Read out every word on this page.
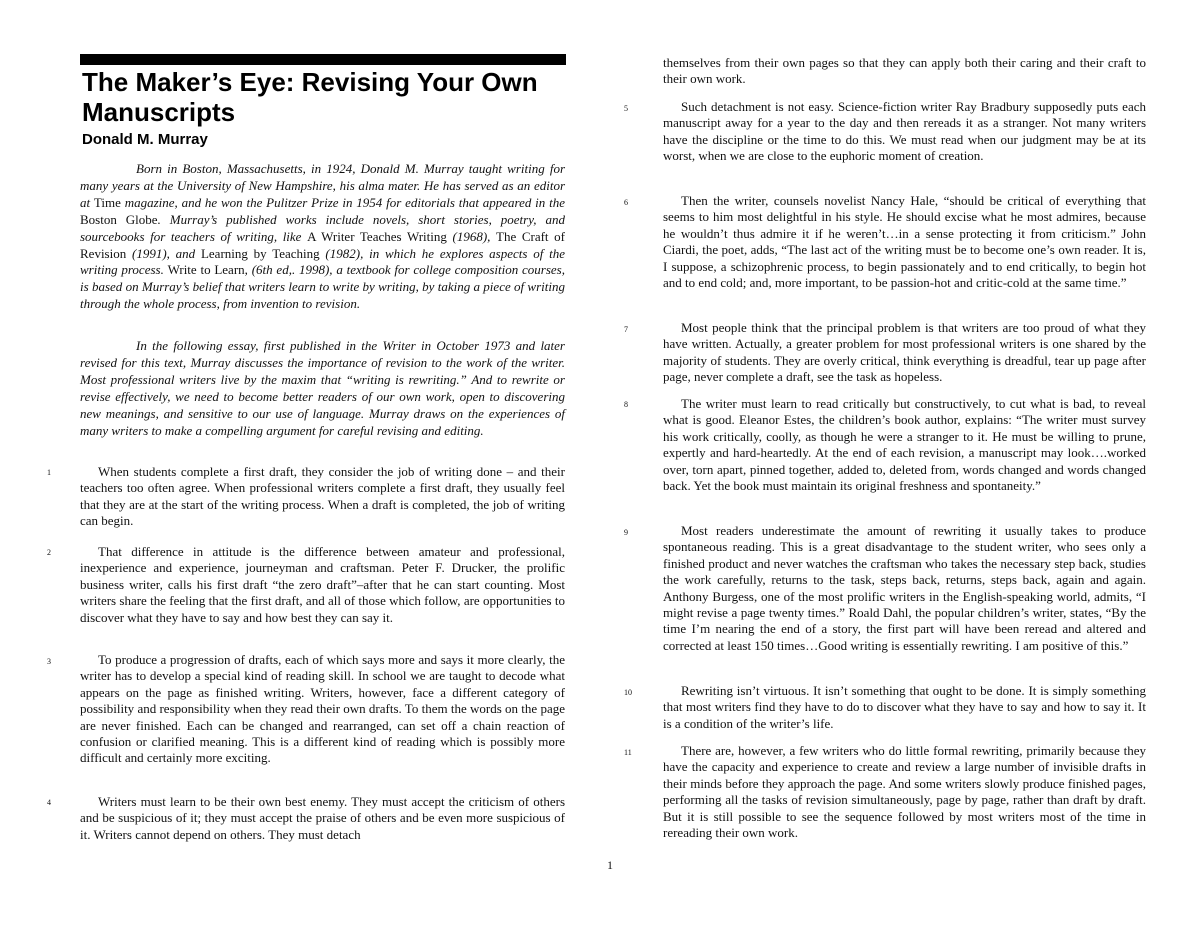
The Maker’s Eye: Revising Your Own Manuscripts
Donald M. Murray

Born in Boston, Massachusetts, in 1924, Donald M. Murray taught writing for many years at the University of New Hampshire, his alma mater. He has served as an editor at Time magazine, and he won the Pulitzer Prize in 1954 for editorials that appeared in the Boston Globe. Murray’s published works include novels, short stories, poetry, and sourcebooks for teachers of writing, like A Writer Teaches Writing (1968), The Craft of Revision (1991), and Learning by Teaching (1982), in which he explores aspects of the writing process. Write to Learn, (6th ed,. 1998), a textbook for college composition courses, is based on Murray’s belief that writers learn to write by writing, by taking a piece of writing through the whole process, from invention to revision.

In the following essay, first published in the Writer in October 1973 and later revised for this text, Murray discusses the importance of revision to the work of the writer. Most professional writers live by the maxim that “writing is rewriting.” And to rewrite or revise effectively, we need to become better readers of our own work, open to discovering new meanings, and sensitive to our use of language. Murray draws on the experiences of many writers to make a compelling argument for careful revising and editing.

1	When students complete a first draft, they consider the job of writing done – and their teachers too often agree. When professional writers complete a first draft, they usually feel that they are at the start of the writing process. When a draft is completed, the job of writing can begin.

2	That difference in attitude is the difference between amateur and professional, inexperience and experience, journeyman and craftsman. Peter F. Drucker, the prolific business writer, calls his first draft “the zero draft”–after that he can start counting. Most writers share the feeling that the first draft, and all of those which follow, are opportunities to discover what they have to say and how best they can say it.

3	To produce a progression of drafts, each of which says more and says it more clearly, the writer has to develop a special kind of reading skill. In school we are taught to decode what appears on the page as finished writing. Writers, however, face a different category of possibility and responsibility when they read their own drafts. To them the words on the page are never finished. Each can be changed and rearranged, can set off a chain reaction of confusion or clarified meaning. This is a different kind of reading which is possibly more difficult and certainly more exciting.

4	Writers must learn to be their own best enemy. They must accept the criticism of others and be suspicious of it; they must accept the praise of others and be even more suspicious of it. Writers cannot depend on others. They must detach

themselves from their own pages so that they can apply both their caring and their craft to their own work.

5	Such detachment is not easy. Science-fiction writer Ray Bradbury supposedly puts each manuscript away for a year to the day and then rereads it as a stranger. Not many writers have the discipline or the time to do this. We must read when our judgment may be at its worst, when we are close to the euphoric moment of creation.

6	Then the writer, counsels novelist Nancy Hale, “should be critical of everything that seems to him most delightful in his style. He should excise what he most admires, because he wouldn’t thus admire it if he weren’t…in a sense protecting it from criticism.” John Ciardi, the poet, adds, “The last act of the writing must be to become one’s own reader. It is, I suppose, a schizophrenic process, to begin passionately and to end critically, to begin hot and to end cold; and, more important, to be passion-hot and critic-cold at the same time.”

7	Most people think that the principal problem is that writers are too proud of what they have written. Actually, a greater problem for most professional writers is one shared by the majority of students. They are overly critical, think everything is dreadful, tear up page after page, never complete a draft, see the task as hopeless.

8	The writer must learn to read critically but constructively, to cut what is bad, to reveal what is good. Eleanor Estes, the children’s book author, explains: “The writer must survey his work critically, coolly, as though he were a stranger to it. He must be willing to prune, expertly and hard-heartedly. At the end of each revision, a manuscript may look….worked over, torn apart, pinned together, added to, deleted from, words changed and words changed back. Yet the book must maintain its original freshness and spontaneity.”

9	Most readers underestimate the amount of rewriting it usually takes to produce spontaneous reading. This is a great disadvantage to the student writer, who sees only a finished product and never watches the craftsman who takes the necessary step back, studies the work carefully, returns to the task, steps back, returns, steps back, again and again. Anthony Burgess, one of the most prolific writers in the English-speaking world, admits, “I might revise a page twenty times.” Roald Dahl, the popular children’s writer, states, “By the time I’m nearing the end of a story, the first part will have been reread and altered and corrected at least 150 times…Good writing is essentially rewriting. I am positive of this.”

10	Rewriting isn’t virtuous. It isn’t something that ought to be done. It is simply something that most writers find they have to do to discover what they have to say and how to say it. It is a condition of the writer’s life.

11	There are, however, a few writers who do little formal rewriting, primarily because they have the capacity and experience to create and review a large number of invisible drafts in their minds before they approach the page. And some writers slowly produce finished pages, performing all the tasks of revision simultaneously, page by page, rather than draft by draft. But it is still possible to see the sequence followed by most writers most of the time in rereading their own work.

1
